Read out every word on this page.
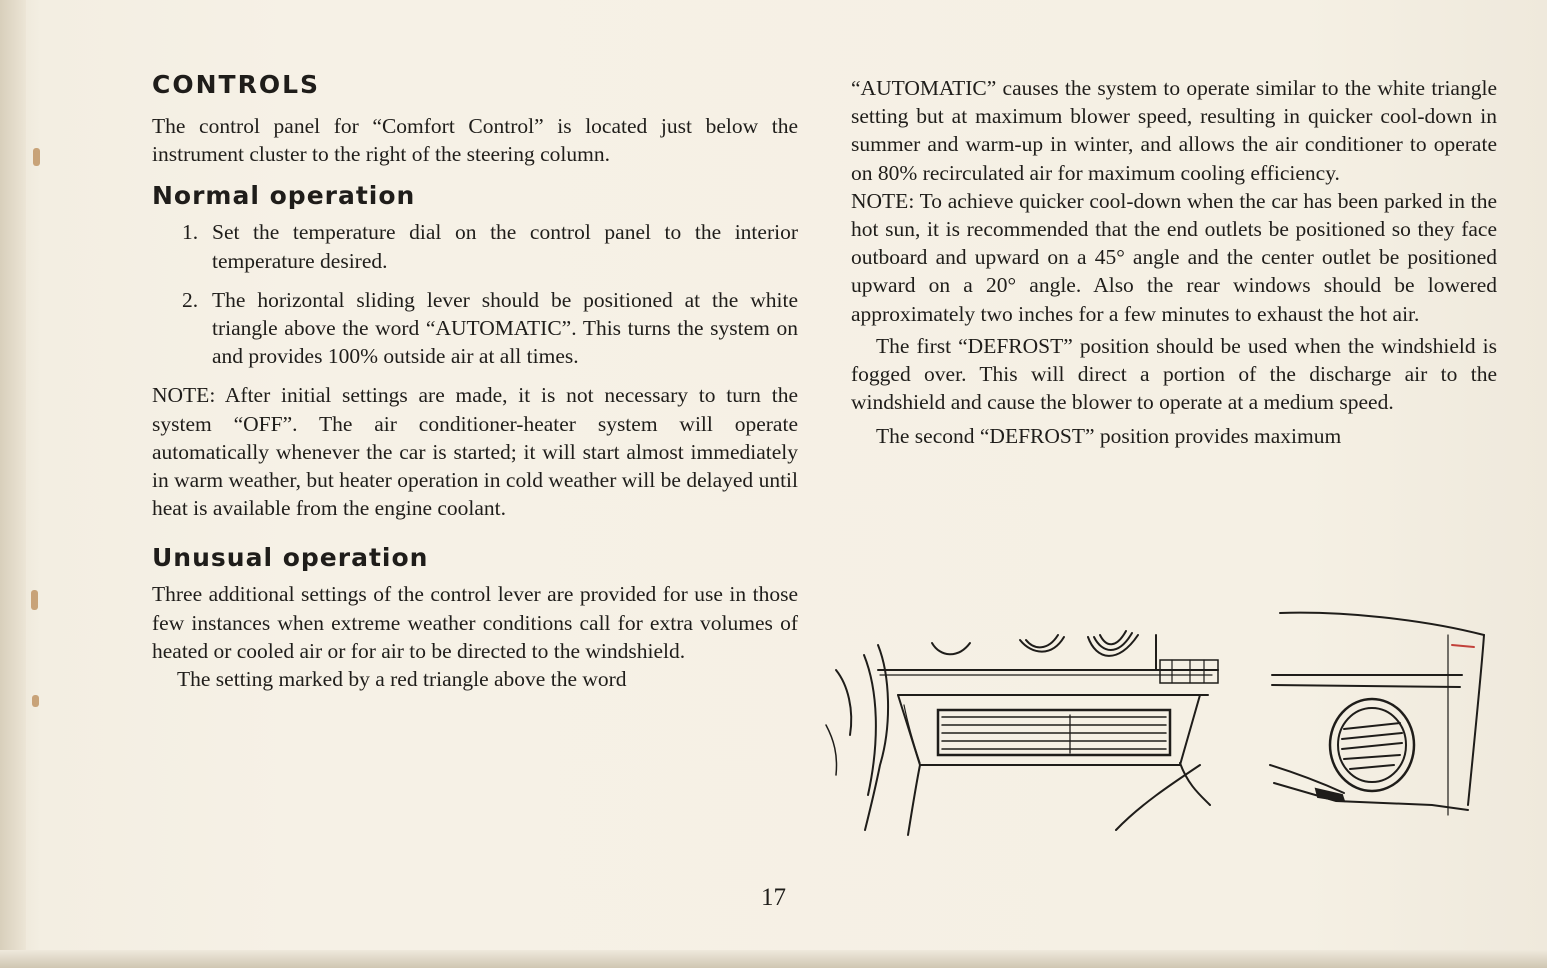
CONTROLS

The control panel for “Comfort Control” is located just below the instrument cluster to the right of the steering column.

Normal operation
1. Set the temperature dial on the control panel to the interior temperature desired.
2. The horizontal sliding lever should be positioned at the white triangle above the word “AUTOMATIC”. This turns the system on and provides 100% outside air at all times.

NOTE: After initial settings are made, it is not necessary to turn the system “OFF”. The air conditioner-heater system will operate automatically whenever the car is started; it will start almost immediately in warm weather, but heater operation in cold weather will be delayed until heat is available from the engine coolant.

Unusual operation

Three additional settings of the control lever are provided for use in those few instances when extreme weather conditions call for extra volumes of heated or cooled air or for air to be directed to the windshield.

The setting marked by a red triangle above the word

“AUTOMATIC” causes the system to operate similar to the white triangle setting but at maximum blower speed, resulting in quicker cool-down in summer and warm-up in winter, and allows the air conditioner to operate on 80% recirculated air for maximum cooling efficiency.

NOTE: To achieve quicker cool-down when the car has been parked in the hot sun, it is recommended that the end outlets be positioned so they face outboard and upward on a 45° angle and the center outlet be positioned upward on a 20° angle. Also the rear windows should be lowered approximately two inches for a few minutes to exhaust the hot air.

The first “DEFROST” position should be used when the windshield is fogged over. This will direct a portion of the discharge air to the windshield and cause the blower to operate at a medium speed.

The second “DEFROST” position provides maximum

17
